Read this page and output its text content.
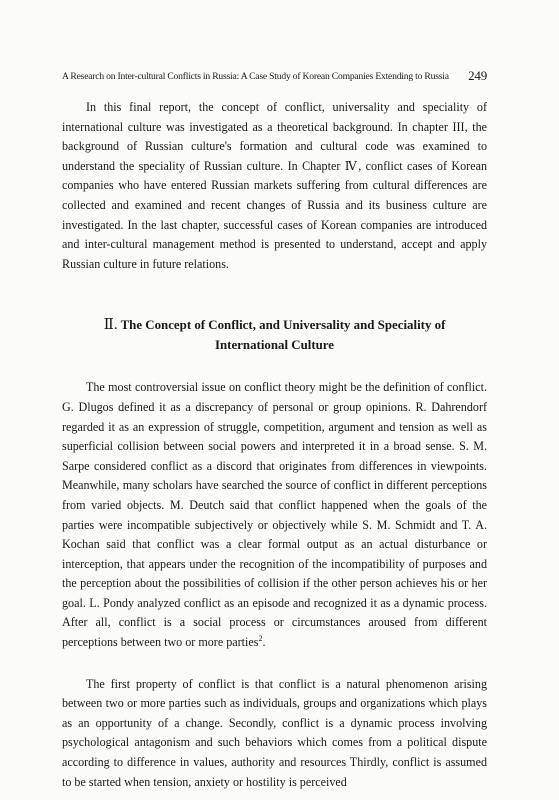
A Research on Inter-cultural Conflicts in Russia: A Case Study of Korean Companies Extending to Russia 249

In this final report, the concept of conflict, universality and speciality of international culture was investigated as a theoretical background. In chapter III, the background of Russian culture's formation and cultural code was examined to understand the speciality of Russian culture. In Chapter Ⅳ, conflict cases of Korean companies who have entered Russian markets suffering from cultural differences are collected and examined and recent changes of Russia and its business culture are investigated. In the last chapter, successful cases of Korean companies are introduced and inter-cultural management method is presented to understand, accept and apply Russian culture in future relations.

Ⅱ. The Concept of Conflict, and Universality and Speciality of International Culture

The most controversial issue on conflict theory might be the definition of conflict. G. Dlugos defined it as a discrepancy of personal or group opinions. R. Dahrendorf regarded it as an expression of struggle, competition, argument and tension as well as superficial collision between social powers and interpreted it in a broad sense. S. M. Sarpe considered conflict as a discord that originates from differences in viewpoints. Meanwhile, many scholars have searched the source of conflict in different perceptions from varied objects. M. Deutch said that conflict happened when the goals of the parties were incompatible subjectively or objectively while S. M. Schmidt and T. A. Kochan said that conflict was a clear formal output as an actual disturbance or interception, that appears under the recognition of the incompatibility of purposes and the perception about the possibilities of collision if the other person achieves his or her goal. L. Pondy analyzed conflict as an episode and recognized it as a dynamic process. After all, conflict is a social process or circumstances aroused from different perceptions between two or more parties$^2$.

The first property of conflict is that conflict is a natural phenomenon arising between two or more parties such as individuals, groups and organizations which plays as an opportunity of a change. Secondly, conflict is a dynamic process involving psychological antagonism and such behaviors which comes from a political dispute according to difference in values, authority and resources Thirdly, conflict is assumed to be started when tension, anxiety or hostility is perceived
